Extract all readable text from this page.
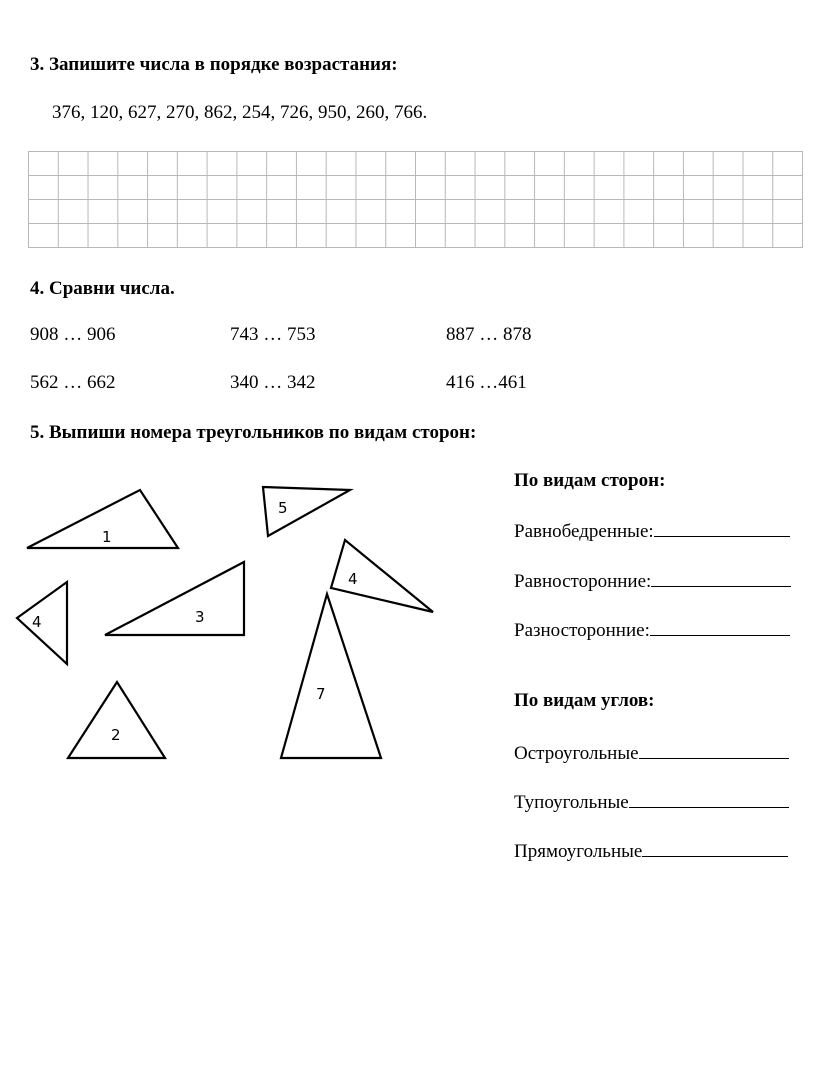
3. Запишите числа в порядке возрастания:
376, 120, 627, 270, 862, 254, 726, 950, 260, 766.
4. Сравни числа.
908 … 906	743 … 753	887 … 878
562 … 662	340 … 342	416 …461
5. Выпиши номера треугольников по видам сторон:
1
5
4
4	3
7
2
По видам сторон:
Равнобедренные:
Равносторонние:
Разносторонние:
По видам углов:
Остроугольные
Тупоугольные
Прямоугольные
